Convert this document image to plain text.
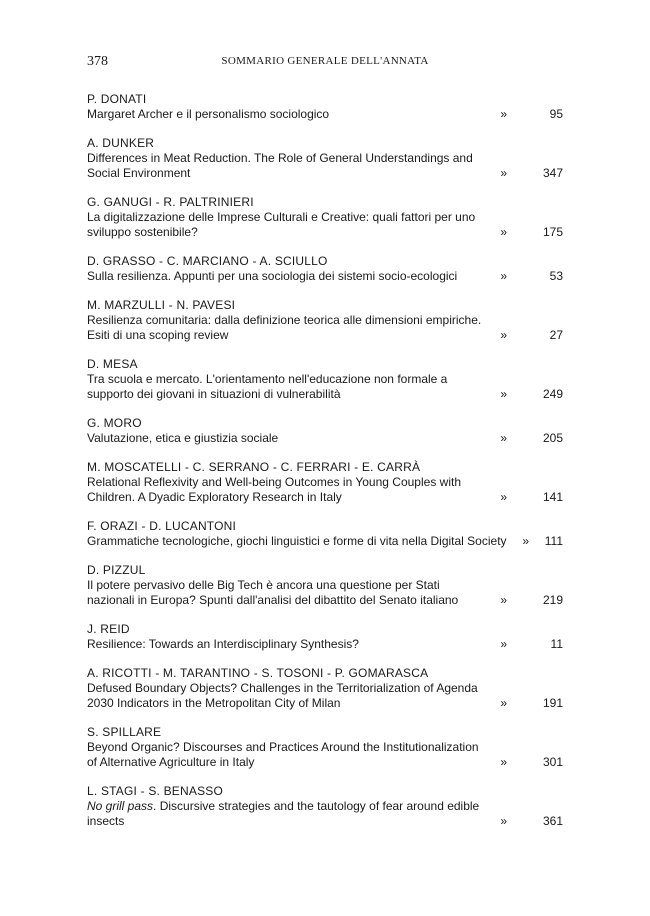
378	SOMMARIO GENERALE DELL'ANNATA
P. DONATI
Margaret Archer e il personalismo sociologico	»	95
A. DUNKER
Differences in Meat Reduction. The Role of General Understandings and Social Environment	»	347
G. GANUGI - R. PALTRINIERI
La digitalizzazione delle Imprese Culturali e Creative: quali fattori per uno sviluppo sostenibile?	»	175
D. GRASSO - C. MARCIANO - A. SCIULLO
Sulla resilienza. Appunti per una sociologia dei sistemi socio-ecologici	»	53
M. MARZULLI - N. PAVESI
Resilienza comunitaria: dalla definizione teorica alle dimensioni empiriche. Esiti di una scoping review	»	27
D. MESA
Tra scuola e mercato. L'orientamento nell'educazione non formale a supporto dei giovani in situazioni di vulnerabilità	»	249
G. MORO
Valutazione, etica e giustizia sociale	»	205
M. MOSCATELLI - C. SERRANO - C. FERRARI - E. CARRÀ
Relational Reflexivity and Well-being Outcomes in Young Couples with Children. A Dyadic Exploratory Research in Italy	»	141
F. ORAZI - D. LUCANTONI
Grammatiche tecnologiche, giochi linguistici e forme di vita nella Digital Society	» 111
D. PIZZUL
Il potere pervasivo delle Big Tech è ancora una questione per Stati nazionali in Europa? Spunti dall'analisi del dibattito del Senato italiano	»	219
J. REID
Resilience: Towards an Interdisciplinary Synthesis?	»	11
A. RICOTTI - M. TARANTINO - S. TOSONI - P. GOMARASCA
Defused Boundary Objects? Challenges in the Territorialization of Agenda 2030 Indicators in the Metropolitan City of Milan	»	191
S. SPILLARE
Beyond Organic? Discourses and Practices Around the Institutionalization of Alternative Agriculture in Italy	»	301
L. STAGI - S. BENASSO
No grill pass. Discursive strategies and the tautology of fear around edible insects	»	361
